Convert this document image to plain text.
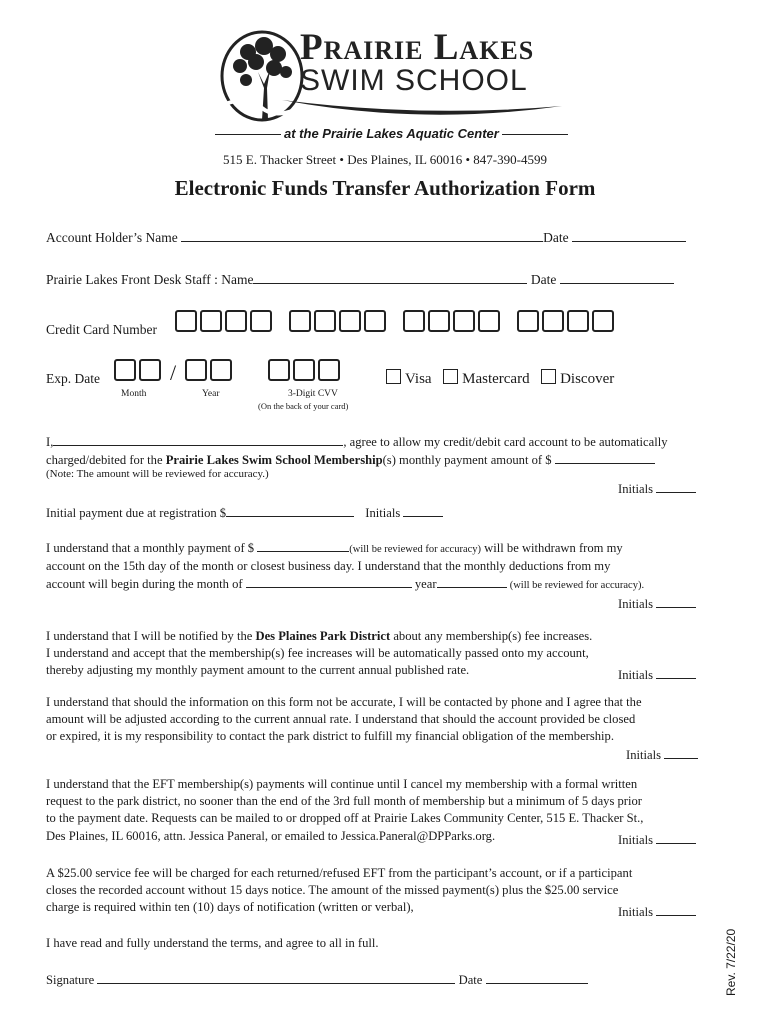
Prairie Lakes
SWIM SCHOOL
at the Prairie Lakes Aquatic Center
515 E. Thacker Street • Des Plaines, IL 60016 • 847-390-4599
Electronic Funds Transfer Authorization Form
Account Holder’s Name	Date
Prairie Lakes Front Desk Staff : Name	Date
Credit Card Number
Exp. Date	/
Month	Year	3-Digit CVV
(On the back of your card)
Visa Mastercard Discover
I,	, agree to allow my credit/debit card account to be automatically
charged/debited for the Prairie Lakes Swim School Membership(s) monthly payment amount of $
(Note: The amount will be reviewed for accuracy.)
Initials
Initial payment due at registration $	Initials
I understand that a monthly payment of $	(will be reviewed for accuracy) will be withdrawn from my
account on the 15th day of the month or closest business day. I understand that the monthly deductions from my
account will begin during the month of	year	(will be reviewed for accuracy).
Initials
I understand that I will be notified by the Des Plaines Park District about any membership(s) fee increases.
I understand and accept that the membership(s) fee increases will be automatically passed onto my account,
thereby adjusting my monthly payment amount to the current annual published rate.	Initials
I understand that should the information on this form not be accurate, I will be contacted by phone and I agree that the
amount will be adjusted according to the current annual rate. I understand that should the account provided be closed
or expired, it is my responsibility to contact the park district to fulfill my financial obligation of the membership.
Initials
I understand that the EFT membership(s) payments will continue until I cancel my membership with a formal written
request to the park district, no sooner than the end of the 3rd full month of membership but a minimum of 5 days prior
to the payment date. Requests can be mailed to or dropped off at Prairie Lakes Community Center, 515 E. Thacker St.,
Des Plaines, IL 60016, attn. Jessica Paneral, or emailed to Jessica.Paneral@DPParks.org.	Initials
A $25.00 service fee will be charged for each returned/refused EFT from the participant’s account, or if a participant
closes the recorded account without 15 days notice. The amount of the missed payment(s) plus the $25.00 service
charge is required within ten (10) days of notification (written or verbal),	Initials
I have read and fully understand the terms, and agree to all in full.
Signature	Date	Rev. 7/22/20
